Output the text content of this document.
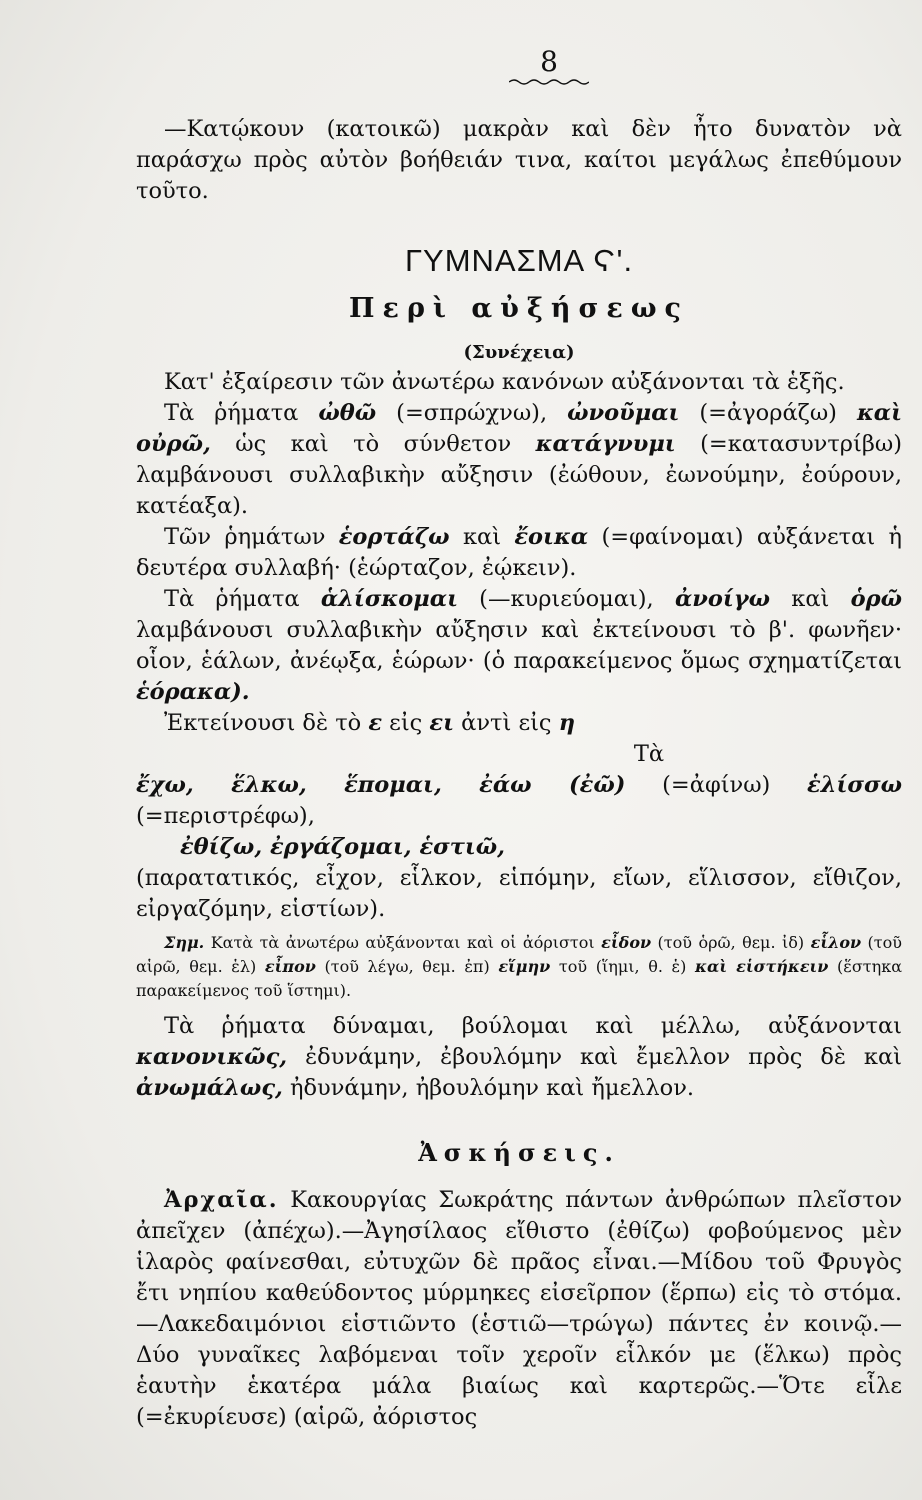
8

—Κατῴκουν (κατοικῶ) μακρὰν καὶ δὲν ἦτο δυνατὸν νὰ παράσχω πρὸς αὐτὸν βοήθειάν τινα, καίτοι μεγάλως ἐπεθύμουν τοῦτο.

ΓΥΜΝΑΣΜΑ Ϛ'.
Περὶ αὐξήσεως
(Συνέχεια)

Κατ' ἐξαίρεσιν τῶν ἀνωτέρω κανόνων αὐξάνονται τὰ ἑξῆς.

Τὰ ῥήματα ὠθῶ (=σπρώχνω), ὠνοῦμαι (=ἀγοράζω) καὶ οὐρῶ, ὡς καὶ τὸ σύνθετον κατάγνυμι (=κατασυντρίβω) λαμβάνουσι συλλαβικὴν αὔξησιν (ἐώθουν, ἐωνούμην, ἐούρουν, κατέαξα).

Τῶν ῥημάτων ἑορτάζω καὶ ἔοικα (=φαίνομαι) αὐξάνεται ἡ δευτέρα συλλαβή· (ἑώρταζον, ἐῴκειν).

Τὰ ῥήματα ἁλίσκομαι (—κυριεύομαι), ἀνοίγω καὶ ὁρῶ λαμβάνουσι συλλαβικὴν αὔξησιν καὶ ἐκτείνουσι τὸ β'. φωνῆεν· οἷον, ἑάλων, ἀνέῳξα, ἑώρων· (ὁ παρακείμενος ὅμως σχηματίζεται ἑόρακα).

Ἐκτείνουσι δὲ τὸ ε εἰς ει ἀντὶ εἰς η

Τὰ

ἔχω, ἕλκω, ἕπομαι, ἐάω (ἐῶ) (=ἀφίνω) ἑλίσσω (=περιστρέφω),

ἐθίζω, ἐργάζομαι, ἑστιῶ,

(παρατατικός, εἶχον, εἷλκον, εἱπόμην, εἴων, εἵλισσον, εἴθιζον, εἰργαζόμην, εἱστίων).

Σημ. Κατὰ τὰ ἀνωτέρω αὐξάνονται καὶ οἱ ἀόριστοι εἶδον (τοῦ ὁρῶ, θεμ. ἰδ) εἷλον (τοῦ αἱρῶ, θεμ. ἑλ) εἶπον (τοῦ λέγω, θεμ. ἐπ) εἵμην τοῦ (ἵημι, θ. ἑ) καὶ εἱστήκειν (ἕστηκα παρακείμενος τοῦ ἵστημι).

Τὰ ῥήματα δύναμαι, βούλομαι καὶ μέλλω, αὐξάνονται κανονικῶς, ἐδυνάμην, ἐβουλόμην καὶ ἔμελλον πρὸς δὲ καὶ ἀνωμάλως, ἠδυνάμην, ἠβουλόμην καὶ ἤμελλον.

Ἀσκήσεις.

Ἀρχαῖα. Κακουργίας Σωκράτης πάντων ἀνθρώπων πλεῖστον ἀπεῖχεν (ἀπέχω).—Ἀγησίλαος εἴθιστο (ἐθίζω) φοβούμενος μὲν ἱλαρὸς φαίνεσθαι, εὐτυχῶν δὲ πρᾶος εἶναι.—Μίδου τοῦ Φρυγὸς ἔτι νηπίου καθεύδοντος μύρμηκες εἰσεῖρπον (ἕρπω) εἰς τὸ στόμα.—Λακεδαιμόνιοι εἱστιῶντο (ἑστιῶ—τρώγω) πάντες ἐν κοινῷ.—Δύο γυναῖκες λαβόμεναι τοῖν χεροῖν εἷλκόν με (ἕλκω) πρὸς ἑαυτὴν ἑκατέρα μάλα βιαίως καὶ καρτερῶς.—Ὅτε εἷλε (=ἐκυρίευσε) (αἱρῶ, ἀόριστος
